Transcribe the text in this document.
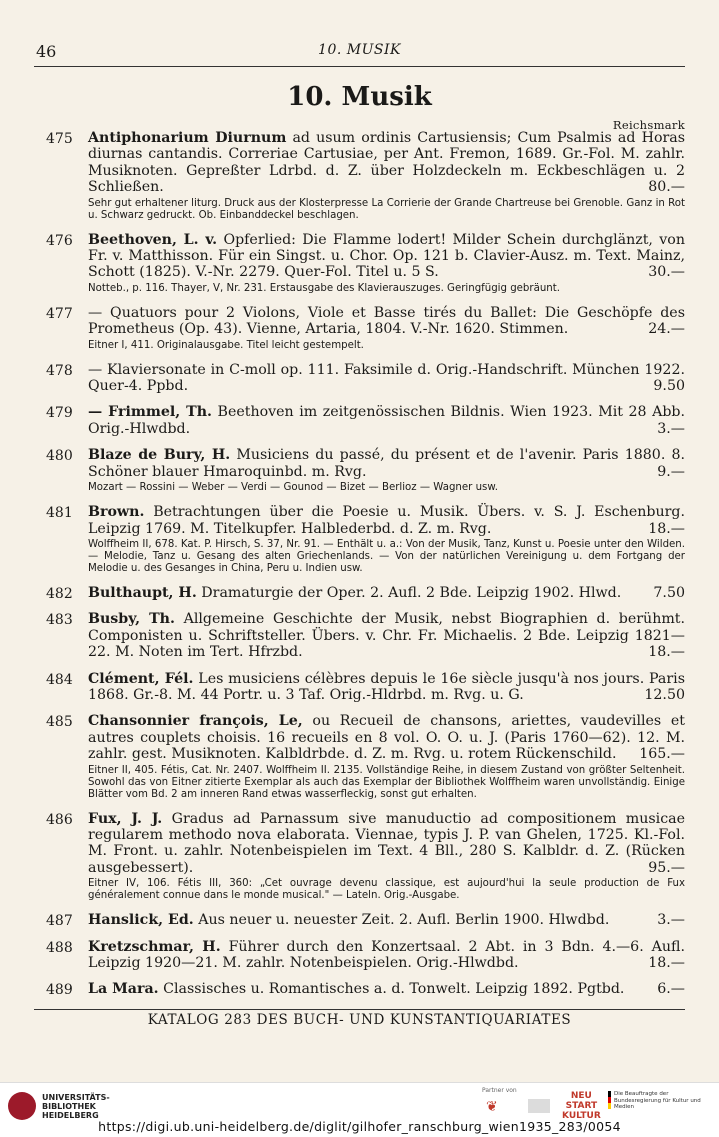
46	10. MUSIK
10. Musik
Reichsmark
475 Antiphonarium Diurnum ad usum ordinis Cartusiensis; Cum Psalmis ad Horas diurnas cantandis. Correriae Cartusiae, per Ant. Fremon, 1689. Gr.-Fol. M. zahlr. Musiknoten. Gepreßter Ldrbd. d. Z. über Holzdeckeln m. Eckbeschlägen u. 2 Schließen.	80.—
Sehr gut erhaltener liturg. Druck aus der Klosterpresse La Corrierie der Grande Chartreuse bei Grenoble. Ganz in Rot u. Schwarz gedruckt. Ob. Einbanddeckel beschlagen.
476 Beethoven, L. v. Opferlied: Die Flamme lodert! Milder Schein durchglänzt, von Fr. v. Matthisson. Für ein Singst. u. Chor. Op. 121 b. Clavier-Ausz. m. Text. Mainz, Schott (1825). V.-Nr. 2279. Quer-Fol. Titel u. 5 S.	30.—
Notteb., p. 116. Thayer, V, Nr. 231. Erstausgabe des Klavierauszuges. Geringfügig gebräunt.
477 — Quatuors pour 2 Violons, Viole et Basse tirés du Ballet: Die Geschöpfe des Prometheus (Op. 43). Vienne, Artaria, 1804. V.-Nr. 1620. Stimmen.	24.—
Eitner I, 411. Originalausgabe. Titel leicht gestempelt.
478 — Klaviersonate in C-moll op. 111. Faksimile d. Orig.-Handschrift. München 1922. Quer-4. Ppbd.	9.50
479 — Frimmel, Th. Beethoven im zeitgenössischen Bildnis. Wien 1923. Mit 28 Abb. Orig.-Hlwdbd.	3.—
480 Blaze de Bury, H. Musiciens du passé, du présent et de l'avenir. Paris 1880. 8. Schöner blauer Hmaroquinbd. m. Rvg.	9.—
Mozart — Rossini — Weber — Verdi — Gounod — Bizet — Berlioz — Wagner usw.
481 Brown. Betrachtungen über die Poesie u. Musik. Übers. v. S. J. Eschenburg. Leipzig 1769. M. Titelkupfer. Halblederbd. d. Z. m. Rvg.	18.—
Wolffheim II, 678. Kat. P. Hirsch, S. 37, Nr. 91. — Enthält u. a.: Von der Musik, Tanz, Kunst u. Poesie unter den Wilden. — Melodie, Tanz u. Gesang des alten Griechenlands. — Von der natürlichen Vereinigung u. dem Fortgang der Melodie u. des Gesanges in China, Peru u. Indien usw.
482 Bulthaupt, H. Dramaturgie der Oper. 2. Aufl. 2 Bde. Leipzig 1902. Hlwd. 7.50
483 Busby, Th. Allgemeine Geschichte der Musik, nebst Biographien d. berühmt. Componisten u. Schriftsteller. Übers. v. Chr. Fr. Michaelis. 2 Bde. Leipzig 1821—22. M. Noten im Tert. Hfrzbd.	18.—
484 Clément, Fél. Les musiciens célèbres depuis le 16e siècle jusqu'à nos jours. Paris 1868. Gr.-8. M. 44 Portr. u. 3 Taf. Orig.-Hldrbd. m. Rvg. u. G.	12.50
485 Chansonnier françois, Le, ou Recueil de chansons, ariettes, vaudevilles et autres couplets choisis. 16 recueils en 8 vol. O. O. u. J. (Paris 1760—62). 12. M. zahlr. gest. Musiknoten. Kalbldrbde. d. Z. m. Rvg. u. rotem Rückenschild. 165.—
Eitner II, 405. Fétis, Cat. Nr. 2407. Wolffheim II. 2135. Vollständige Reihe, in diesem Zustand von größter Seltenheit. Sowohl das von Eitner zitierte Exemplar als auch das Exemplar der Bibliothek Wolffheim waren unvollständig. Einige Blätter vom Bd. 2 am inneren Rand etwas wasserfleckig, sonst gut erhalten.
486 Fux, J. J. Gradus ad Parnassum sive manuductio ad compositionem musicae regularem methodo nova elaborata. Viennae, typis J. P. van Ghelen, 1725. Kl.-Fol. M. Front. u. zahlr. Notenbeispielen im Text. 4 Bll., 280 S. Kalbldr. d. Z. (Rücken ausgebessert).	95.—
Eitner IV, 106. Fétis III, 360: „Cet ouvrage devenu classique, est aujourd'hui la seule production de Fux généralement connue dans le monde musical." — Lateln. Orig.-Ausgabe.
487 Hanslick, Ed. Aus neuer u. neuester Zeit. 2. Aufl. Berlin 1900. Hlwdbd.	3.—
488 Kretzschmar, H. Führer durch den Konzertsaal. 2 Abt. in 3 Bdn. 4.—6. Aufl. Leipzig 1920—21. M. zahlr. Notenbeispielen. Orig.-Hlwdbd.	18.—
489 La Mara. Classisches u. Romantisches a. d. Tonwelt. Leipzig 1892. Pgtbd. 6.—
KATALOG 283 DES BUCH- UND KUNSTANTIQUARIATES
UNIVERSITÄTS-
BIBLIOTHEK
HEIDELBERG
Partner von
❦
NEU
START
KULTUR
Die Beauftragte der Bundesregierung für Kultur und Medien
https://digi.ub.uni-heidelberg.de/diglit/gilhofer_ranschburg_wien1935_283/0054
